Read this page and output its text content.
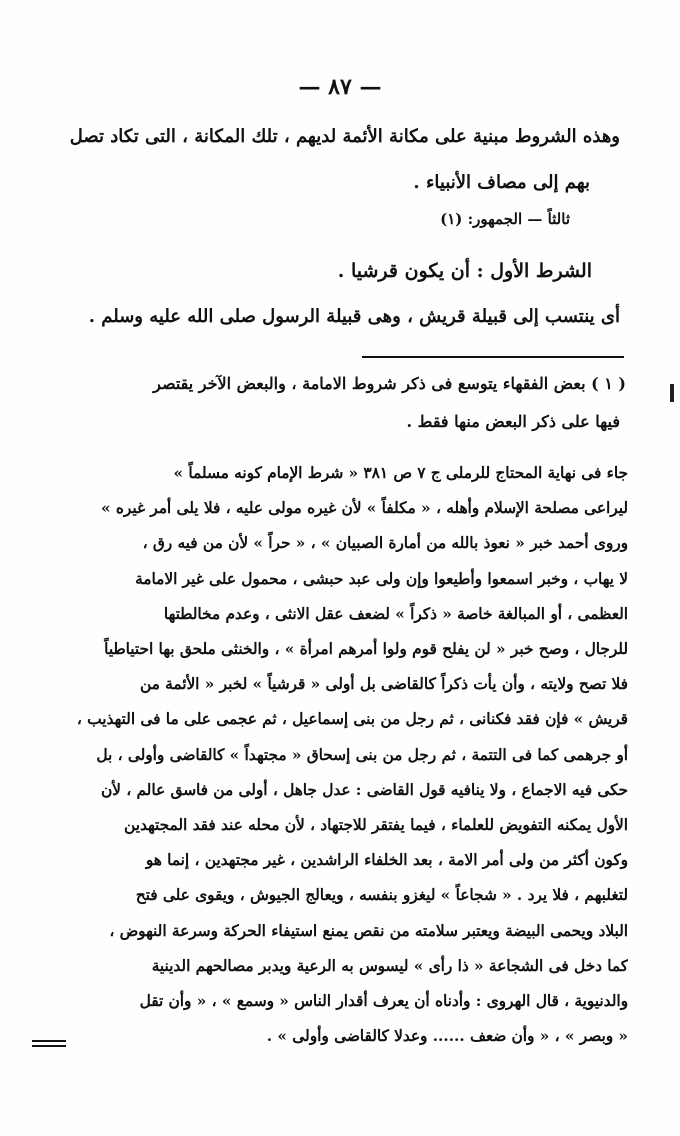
— ٨٧ —
وهذه الشروط مبنية على مكانة الأئمة لديهم ، تلك المكانة ، التى تكاد تصل
بهم إلى مصاف الأنبياء .
ثالثاً — الجمهور: (١)
الشرط الأول : أن يكون قرشيا .
أى ينتسب إلى قبيلة قريش ، وهى قبيلة الرسول صلى الله عليه وسلم .
( ١ ) بعض الفقهاء يتوسع فى ذكر شروط الامامة ، والبعض الآخر يقتصر
فيها على ذكر البعض منها فقط .
جاء فى نهاية المحتاج للرملى ج ٧ ص ٣٨١ « شرط الإمام كونه مسلماً »
ليراعى مصلحة الإسلام وأهله ، « مكلفاً » لأن غيره مولى عليه ، فلا يلى أمر غيره »
وروى أحمد خبر « نعوذ بالله من أمارة الصبيان » ، « حراً » لأن من فيه رق ،
لا يهاب ، وخبر اسمعوا وأطيعوا وإن ولى عبد حبشى ، محمول على غير الامامة
العظمى ، أو المبالغة خاصة « ذكراً » لضعف عقل الانثى ، وعدم مخالطتها
للرجال ، وصح خبر « لن يفلح قوم ولوا أمرهم امرأة » ، والخنثى ملحق بها احتياطياً
فلا تصح ولايته ، وأن يأت ذكراً كالقاضى بل أولى « قرشياً » لخبر « الأئمة من
قريش » فإن فقد فكنانى ، ثم رجل من بنى إسماعيل ، ثم عجمى على ما فى التهذيب ،
أو جرهمى كما فى التتمة ، ثم رجل من بنى إسحاق « مجتهداً » كالقاضى وأولى ، بل
حكى فيه الاجماع ، ولا ينافيه قول القاضى : عدل جاهل ، أولى من فاسق عالم ، لأن
الأول يمكنه التفويض للعلماء ، فيما يفتقر للاجتهاد ، لأن محله عند فقد المجتهدين
وكون أكثر من ولى أمر الامة ، بعد الخلفاء الراشدين ، غير مجتهدين ، إنما هو
لتغلبهم ، فلا يرد . « شجاعاً » ليغزو بنفسه ، ويعالج الجيوش ، ويقوى على فتح
البلاد ويحمى البيضة ويعتبر سلامته من نقص يمنع استيفاء الحركة وسرعة النهوض ،
كما دخل فى الشجاعة « ذا رأى » ليسوس به الرعية ويدبر مصالحهم الدينية
والدنيوية ، قال الهروى : وأدناه أن يعرف أقدار الناس « وسمع » ، « وأن تقل
« وبصر » ، « وأن ضعف ...... وعدلا كالقاضى وأولى » .
